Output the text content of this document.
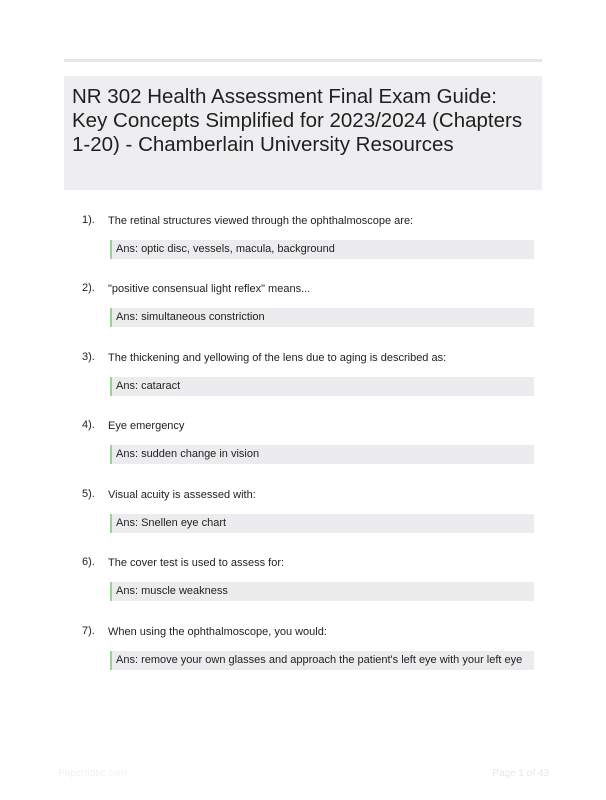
NR 302 Health Assessment Final Exam Guide: Key Concepts Simplified for 2023/2024 (Chapters 1-20) - Chamberlain University Resources
1). The retinal structures viewed through the ophthalmoscope are:
Ans: optic disc, vessels, macula, background
2). "positive consensual light reflex" means...
Ans: simultaneous constriction
3). The thickening and yellowing of the lens due to aging is described as:
Ans: cataract
4). Eye emergency
Ans: sudden change in vision
5). Visual acuity is assessed with:
Ans: Snellen eye chart
6). The cover test is used to assess for:
Ans: muscle weakness
7). When using the ophthalmoscope, you would:
Ans: remove your own glasses and approach the patient's left eye with your left eye
Papertiptic.com	Page 1 of 43
